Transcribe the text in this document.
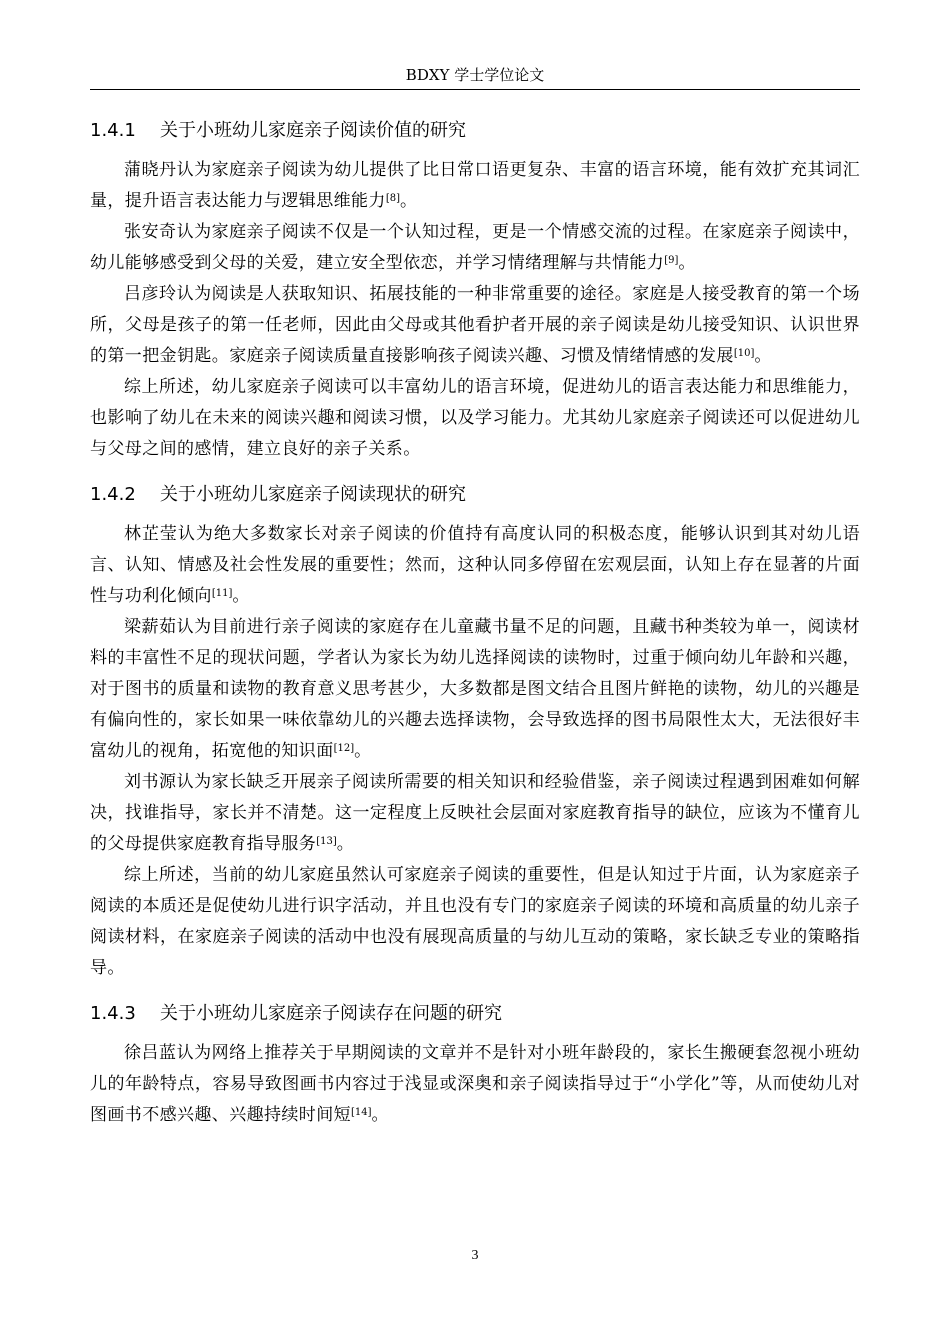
BDXY 学士学位论文
1.4.1 关于小班幼儿家庭亲子阅读价值的研究

蒲晓丹认为家庭亲子阅读为幼儿提供了比日常口语更复杂、丰富的语言环境，能有效扩充其词汇量，提升语言表达能力与逻辑思维能力[8]。

张安奇认为家庭亲子阅读不仅是一个认知过程，更是一个情感交流的过程。在家庭亲子阅读中，幼儿能够感受到父母的关爱，建立安全型依恋，并学习情绪理解与共情能力[9]。

吕彦玲认为阅读是人获取知识、拓展技能的一种非常重要的途径。家庭是人接受教育的第一个场所，父母是孩子的第一任老师，因此由父母或其他看护者开展的亲子阅读是幼儿接受知识、认识世界的第一把金钥匙。家庭亲子阅读质量直接影响孩子阅读兴趣、习惯及情绪情感的发展[10]。

综上所述，幼儿家庭亲子阅读可以丰富幼儿的语言环境，促进幼儿的语言表达能力和思维能力，也影响了幼儿在未来的阅读兴趣和阅读习惯，以及学习能力。尤其幼儿家庭亲子阅读还可以促进幼儿与父母之间的感情，建立良好的亲子关系。

1.4.2 关于小班幼儿家庭亲子阅读现状的研究

林芷莹认为绝大多数家长对亲子阅读的价值持有高度认同的积极态度，能够认识到其对幼儿语言、认知、情感及社会性发展的重要性；然而，这种认同多停留在宏观层面，认知上存在显著的片面性与功利化倾向[11]。

梁薪茹认为目前进行亲子阅读的家庭存在儿童藏书量不足的问题，且藏书种类较为单一，阅读材料的丰富性不足的现状问题，学者认为家长为幼儿选择阅读的读物时，过重于倾向幼儿年龄和兴趣，对于图书的质量和读物的教育意义思考甚少，大多数都是图文结合且图片鲜艳的读物，幼儿的兴趣是有偏向性的，家长如果一味依靠幼儿的兴趣去选择读物，会导致选择的图书局限性太大，无法很好丰富幼儿的视角，拓宽他的知识面[12]。

刘书源认为家长缺乏开展亲子阅读所需要的相关知识和经验借鉴，亲子阅读过程遇到困难如何解决，找谁指导，家长并不清楚。这一定程度上反映社会层面对家庭教育指导的缺位，应该为不懂育儿的父母提供家庭教育指导服务[13]。

综上所述，当前的幼儿家庭虽然认可家庭亲子阅读的重要性，但是认知过于片面，认为家庭亲子阅读的本质还是促使幼儿进行识字活动，并且也没有专门的家庭亲子阅读的环境和高质量的幼儿亲子阅读材料，在家庭亲子阅读的活动中也没有展现高质量的与幼儿互动的策略，家长缺乏专业的策略指导。

1.4.3 关于小班幼儿家庭亲子阅读存在问题的研究

徐吕蓝认为网络上推荐关于早期阅读的文章并不是针对小班年龄段的，家长生搬硬套忽视小班幼儿的年龄特点，容易导致图画书内容过于浅显或深奥和亲子阅读指导过于“小学化”等，从而使幼儿对图画书不感兴趣、兴趣持续时间短[14]。

3
